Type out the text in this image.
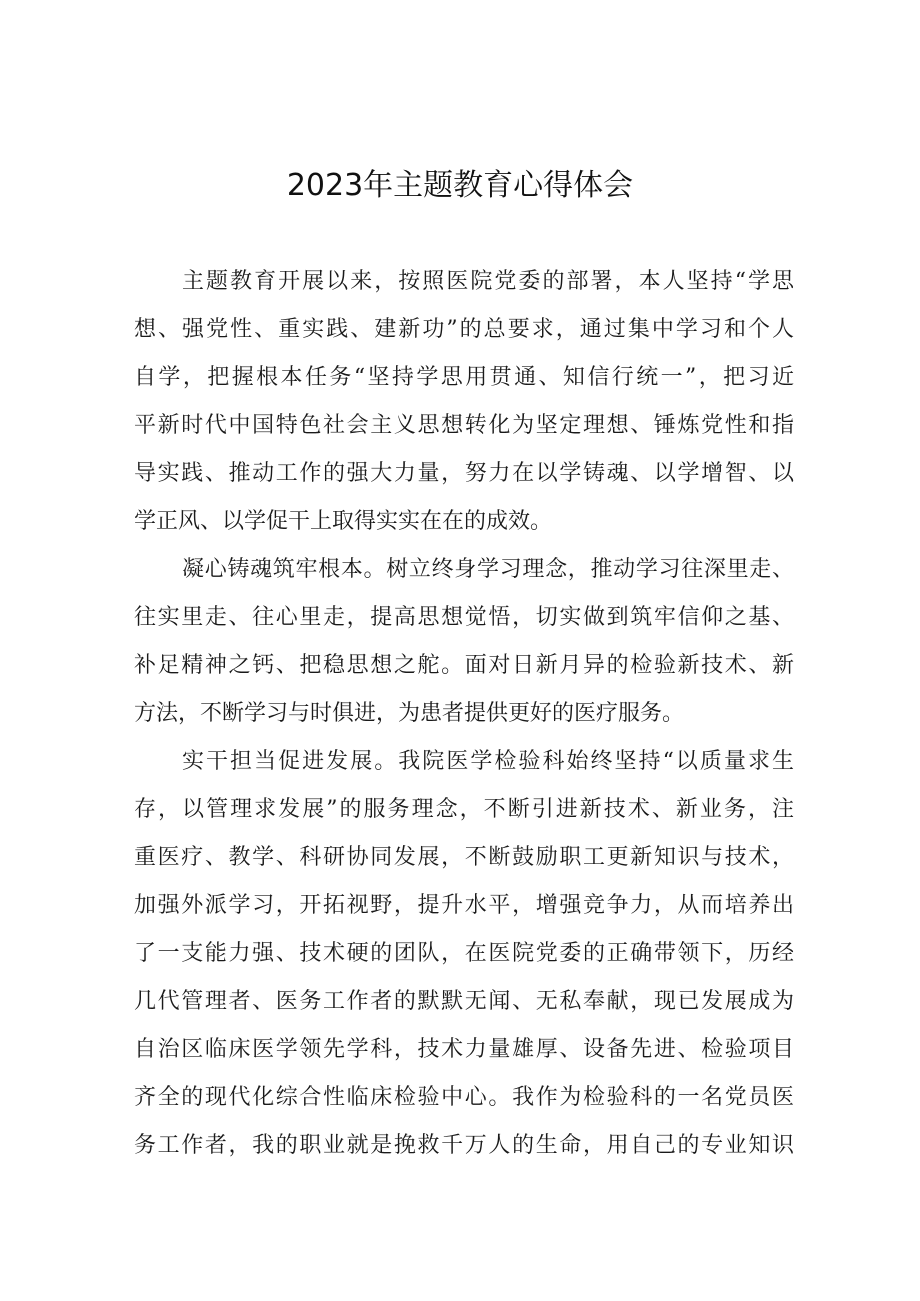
2023年主题教育心得体会
主题教育开展以来，按照医院党委的部署，本人坚持“学思
想、强党性、重实践、建新功”的总要求，通过集中学习和个人
自学，把握根本任务“坚持学思用贯通、知信行统一”，把习近
平新时代中国特色社会主义思想转化为坚定理想、锤炼党性和指
导实践、推动工作的强大力量，努力在以学铸魂、以学增智、以
学正风、以学促干上取得实实在在的成效。
凝心铸魂筑牢根本。树立终身学习理念，推动学习往深里走、
往实里走、往心里走，提高思想觉悟，切实做到筑牢信仰之基、
补足精神之钙、把稳思想之舵。面对日新月异的检验新技术、新
方法，不断学习与时俱进，为患者提供更好的医疗服务。
实干担当促进发展。我院医学检验科始终坚持“以质量求生
存，以管理求发展”的服务理念，不断引进新技术、新业务，注
重医疗、教学、科研协同发展，不断鼓励职工更新知识与技术，
加强外派学习，开拓视野，提升水平，增强竞争力，从而培养出
了一支能力强、技术硬的团队，在医院党委的正确带领下，历经
几代管理者、医务工作者的默默无闻、无私奉献，现已发展成为
自治区临床医学领先学科，技术力量雄厚、设备先进、检验项目
齐全的现代化综合性临床检验中心。我作为检验科的一名党员医
务工作者，我的职业就是挽救千万人的生命，用自己的专业知识
